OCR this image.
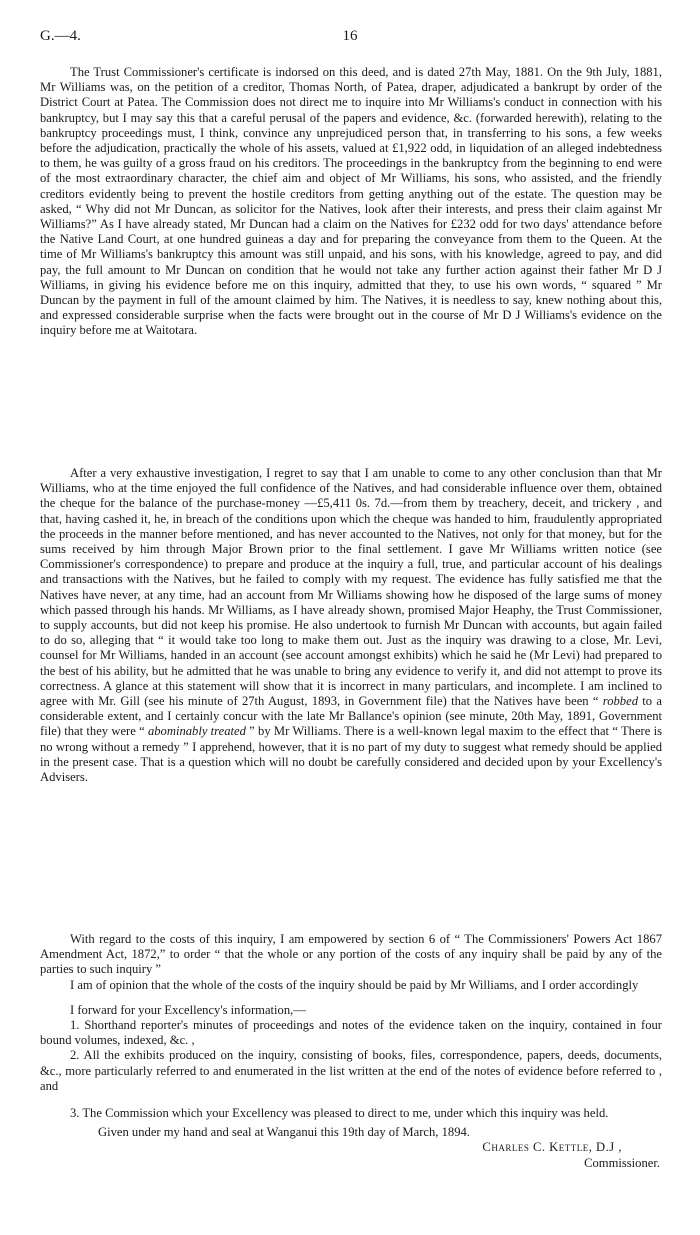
G.—4.	16

The Trust Commissioner's certificate is indorsed on this deed, and is dated 27th May, 1881. On the 9th July, 1881, Mr Williams was, on the petition of a creditor, Thomas North, of Patea, draper, adjudicated a bankrupt by order of the District Court at Patea. The Commission does not direct me to inquire into Mr Williams's conduct in connection with his bankruptcy, but I may say this that a careful perusal of the papers and evidence, &c. (forwarded herewith), relating to the bankruptcy proceedings must, I think, convince any unprejudiced person that, in transferring to his sons, a few weeks before the adjudication, practically the whole of his assets, valued at £1,922 odd, in liquidation of an alleged indebtedness to them, he was guilty of a gross fraud on his creditors. The proceedings in the bankruptcy from the beginning to end were of the most extraordinary character, the chief aim and object of Mr Williams, his sons, who assisted, and the friendly creditors evidently being to prevent the hostile creditors from getting anything out of the estate. The question may be asked, “ Why did not Mr Duncan, as solicitor for the Natives, look after their interests, and press their claim against Mr Williams?” As I have already stated, Mr Duncan had a claim on the Natives for £232 odd for two days' attendance before the Native Land Court, at one hundred guineas a day and for preparing the conveyance from them to the Queen. At the time of Mr Williams's bankruptcy this amount was still unpaid, and his sons, with his knowledge, agreed to pay, and did pay, the full amount to Mr Duncan on condition that he would not take any further action against their father Mr D J Williams, in giving his evidence before me on this inquiry, admitted that they, to use his own words, “ squared ” Mr Duncan by the payment in full of the amount claimed by him. The Natives, it is needless to say, knew nothing about this, and expressed considerable surprise when the facts were brought out in the course of Mr D J Williams's evidence on the inquiry before me at Waitotara.

After a very exhaustive investigation, I regret to say that I am unable to come to any other conclusion than that Mr Williams, who at the time enjoyed the full confidence of the Natives, and had considerable influence over them, obtained the cheque for the balance of the purchase-money —£5,411 0s. 7d.—from them by treachery, deceit, and trickery , and that, having cashed it, he, in breach of the conditions upon which the cheque was handed to him, fraudulently appropriated the proceeds in the manner before mentioned, and has never accounted to the Natives, not only for that money, but for the sums received by him through Major Brown prior to the final settlement. I gave Mr Williams written notice (see Commissioner's correspondence) to prepare and produce at the inquiry a full, true, and particular account of his dealings and transactions with the Natives, but he failed to comply with my request. The evidence has fully satisfied me that the Natives have never, at any time, had an account from Mr Williams showing how he disposed of the large sums of money which passed through his hands. Mr Williams, as I have already shown, promised Major Heaphy, the Trust Commissioner, to supply accounts, but did not keep his promise. He also undertook to furnish Mr Duncan with accounts, but again failed to do so, alleging that “ it would take too long to make them out. Just as the inquiry was drawing to a close, Mr. Levi, counsel for Mr Williams, handed in an account (see account amongst exhibits) which he said he (Mr Levi) had prepared to the best of his ability, but he admitted that he was unable to bring any evidence to verify it, and did not attempt to prove its correctness. A glance at this statement will show that it is incorrect in many particulars, and incomplete. I am inclined to agree with Mr. Gill (see his minute of 27th August, 1893, in Government file) that the Natives have been “ robbed to a considerable extent, and I certainly concur with the late Mr Ballance's opinion (see minute, 20th May, 1891, Government file) that they were “ abominably treated ” by Mr Williams. There is a well-known legal maxim to the effect that “ There is no wrong without a remedy ” I apprehend, however, that it is no part of my duty to suggest what remedy should be applied in the present case. That is a question which will no doubt be carefully considered and decided upon by your Excellency's Advisers.

With regard to the costs of this inquiry, I am empowered by section 6 of “ The Commissioners' Powers Act 1867 Amendment Act, 1872,” to order “ that the whole or any portion of the costs of any inquiry shall be paid by any of the parties to such inquiry ”

I am of opinion that the whole of the costs of the inquiry should be paid by Mr Williams, and I order accordingly

I forward for your Excellency's information,—

1. Shorthand reporter's minutes of proceedings and notes of the evidence taken on the inquiry, contained in four bound volumes, indexed, &c. ,

2. All the exhibits produced on the inquiry, consisting of books, files, correspondence, papers, deeds, documents, &c., more particularly referred to and enumerated in the list written at the end of the notes of evidence before referred to , and

3. The Commission which your Excellency was pleased to direct to me, under which this inquiry was held.

Given under my hand and seal at Wanganui this 19th day of March, 1894.

Charles C. Kettle, D.J ,

Commissioner.
